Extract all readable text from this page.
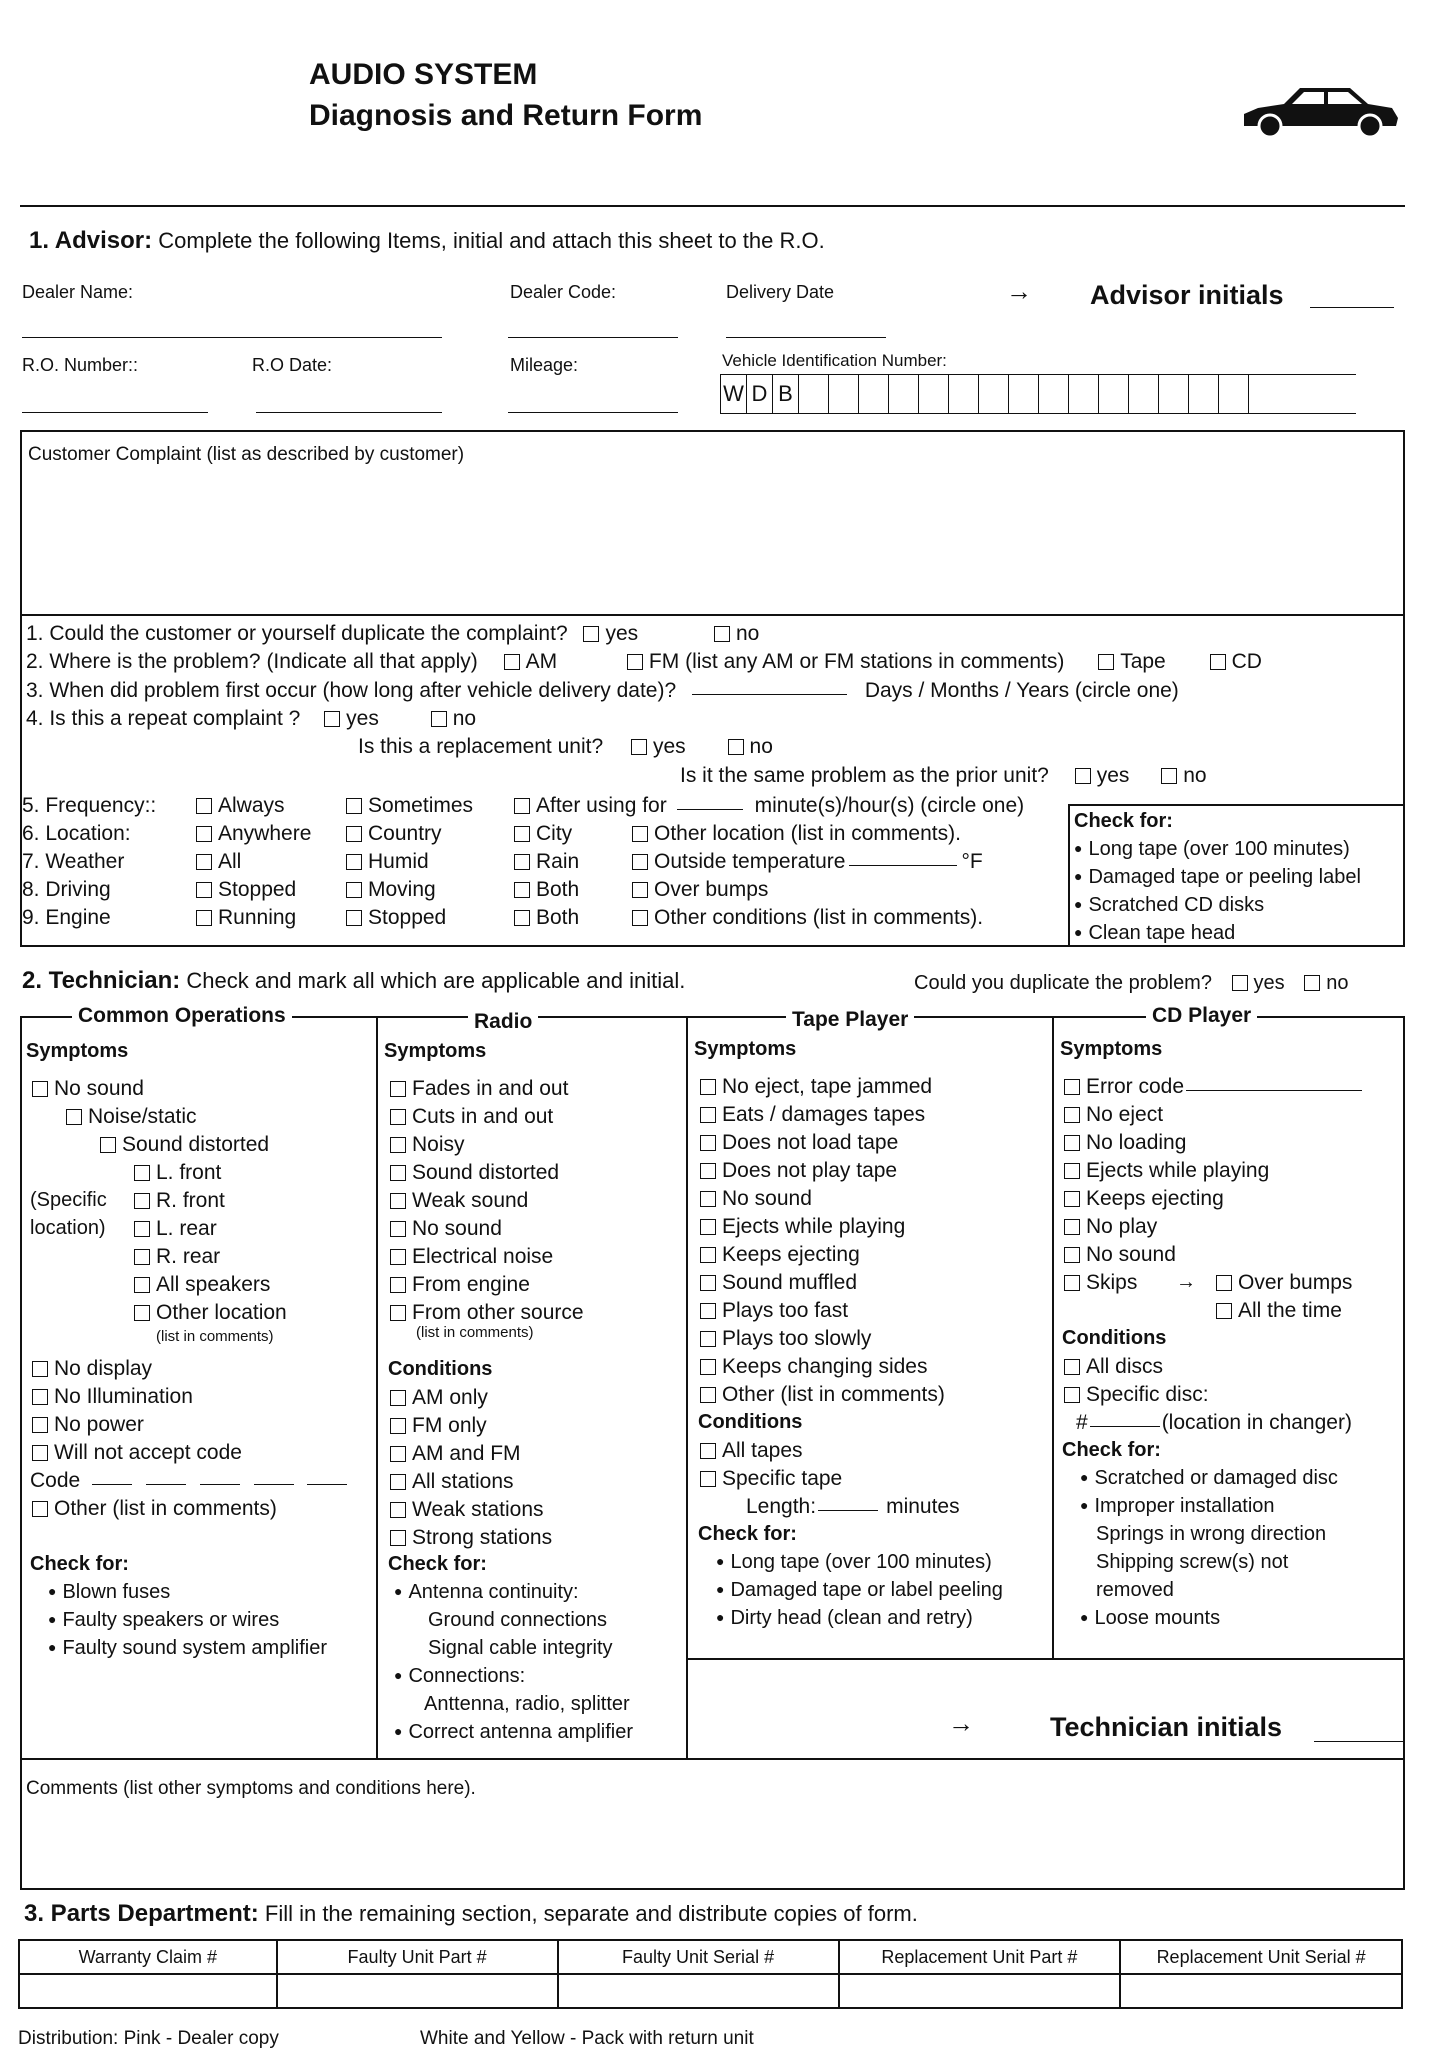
AUDIO SYSTEM
Diagnosis and Return Form
1. Advisor: Complete the following Items, initial and attach this sheet to the R.O.
Dealer Name:	Dealer Code:	Delivery Date	→ Advisor initials
R.O. Number::	R.O Date:	Mileage:	Vehicle Identification Number:
W D B
Customer Complaint (list as described by customer)
1. Could the customer or yourself duplicate the complaint? yes	no
2. Where is the problem? (Indicate all that apply) AM	FM (list any AM or FM stations in comments)	Tape	CD
3. When did problem first occur (how long after vehicle delivery date)?	Days / Months / Years (circle one)
4. Is this a repeat complaint ? yes	no
Is this a replacement unit? yes	no
Is it the same problem as the prior unit? yes	no
5. Frequency::	Always	Sometimes	After using for	minute(s)/hour(s) (circle one)
6. Location:	Anywhere	Country	City	Other location (list in comments).
7. Weather	All	Humid	Rain	Outside temperature	°F
8. Driving	Stopped	Moving	Both	Over bumps
9. Engine	Running	Stopped	Both	Other conditions (list in comments).
Check for:
● Long tape (over 100 minutes)
● Damaged tape or peeling label
● Scratched CD disks
● Clean tape head
2. Technician: Check and mark all which are applicable and initial.	Could you duplicate the problem? yes no
Common Operations	Radio	Tape Player	CD Player
Symptoms
No sound
Noise/static
Sound distorted
L. front
(Specific	R. front
location)	L. rear
R. rear
All speakers
Other location
(list in comments)
No display
No Illumination
No power
Will not accept code
Code
Other (list in comments)
Check for:
● Blown fuses
● Faulty speakers or wires
● Faulty sound system amplifier
Symptoms
Fades in and out
Cuts in and out
Noisy
Sound distorted
Weak sound
No sound
Electrical noise
From engine
From other source
(list in comments)
Conditions
AM only
FM only
AM and FM
All stations
Weak stations
Strong stations
Check for:
● Antenna continuity:
Ground connections
Signal cable integrity
● Connections:
Anttenna, radio, splitter
● Correct antenna amplifier
Symptoms
No eject, tape jammed
Eats / damages tapes
Does not load tape
Does not play tape
No sound
Ejects while playing
Keeps ejecting
Sound muffled
Plays too fast
Plays too slowly
Keeps changing sides
Other (list in comments)
Conditions
All tapes
Specific tape
Length:	minutes
Check for:
● Long tape (over 100 minutes)
● Damaged tape or label peeling
● Dirty head (clean and retry)
Symptoms
Error code
No eject
No loading
Ejects while playing
Keeps ejecting
No play
No sound
Skips →	Over bumps
All the time
Conditions
All discs
Specific disc:
#	(location in changer)
Check for:
● Scratched or damaged disc
● Improper installation
Springs in wrong direction
Shipping screw(s) not
removed
● Loose mounts
→	Technician initials
Comments (list other symptoms and conditions here).
3. Parts Department: Fill in the remaining section, separate and distribute copies of form.
Warranty Claim #	Faulty Unit Part #	Faulty Unit Serial #	Replacement Unit Part #	Replacement Unit Serial #

Distribution: Pink - Dealer copy	White and Yellow - Pack with return unit
